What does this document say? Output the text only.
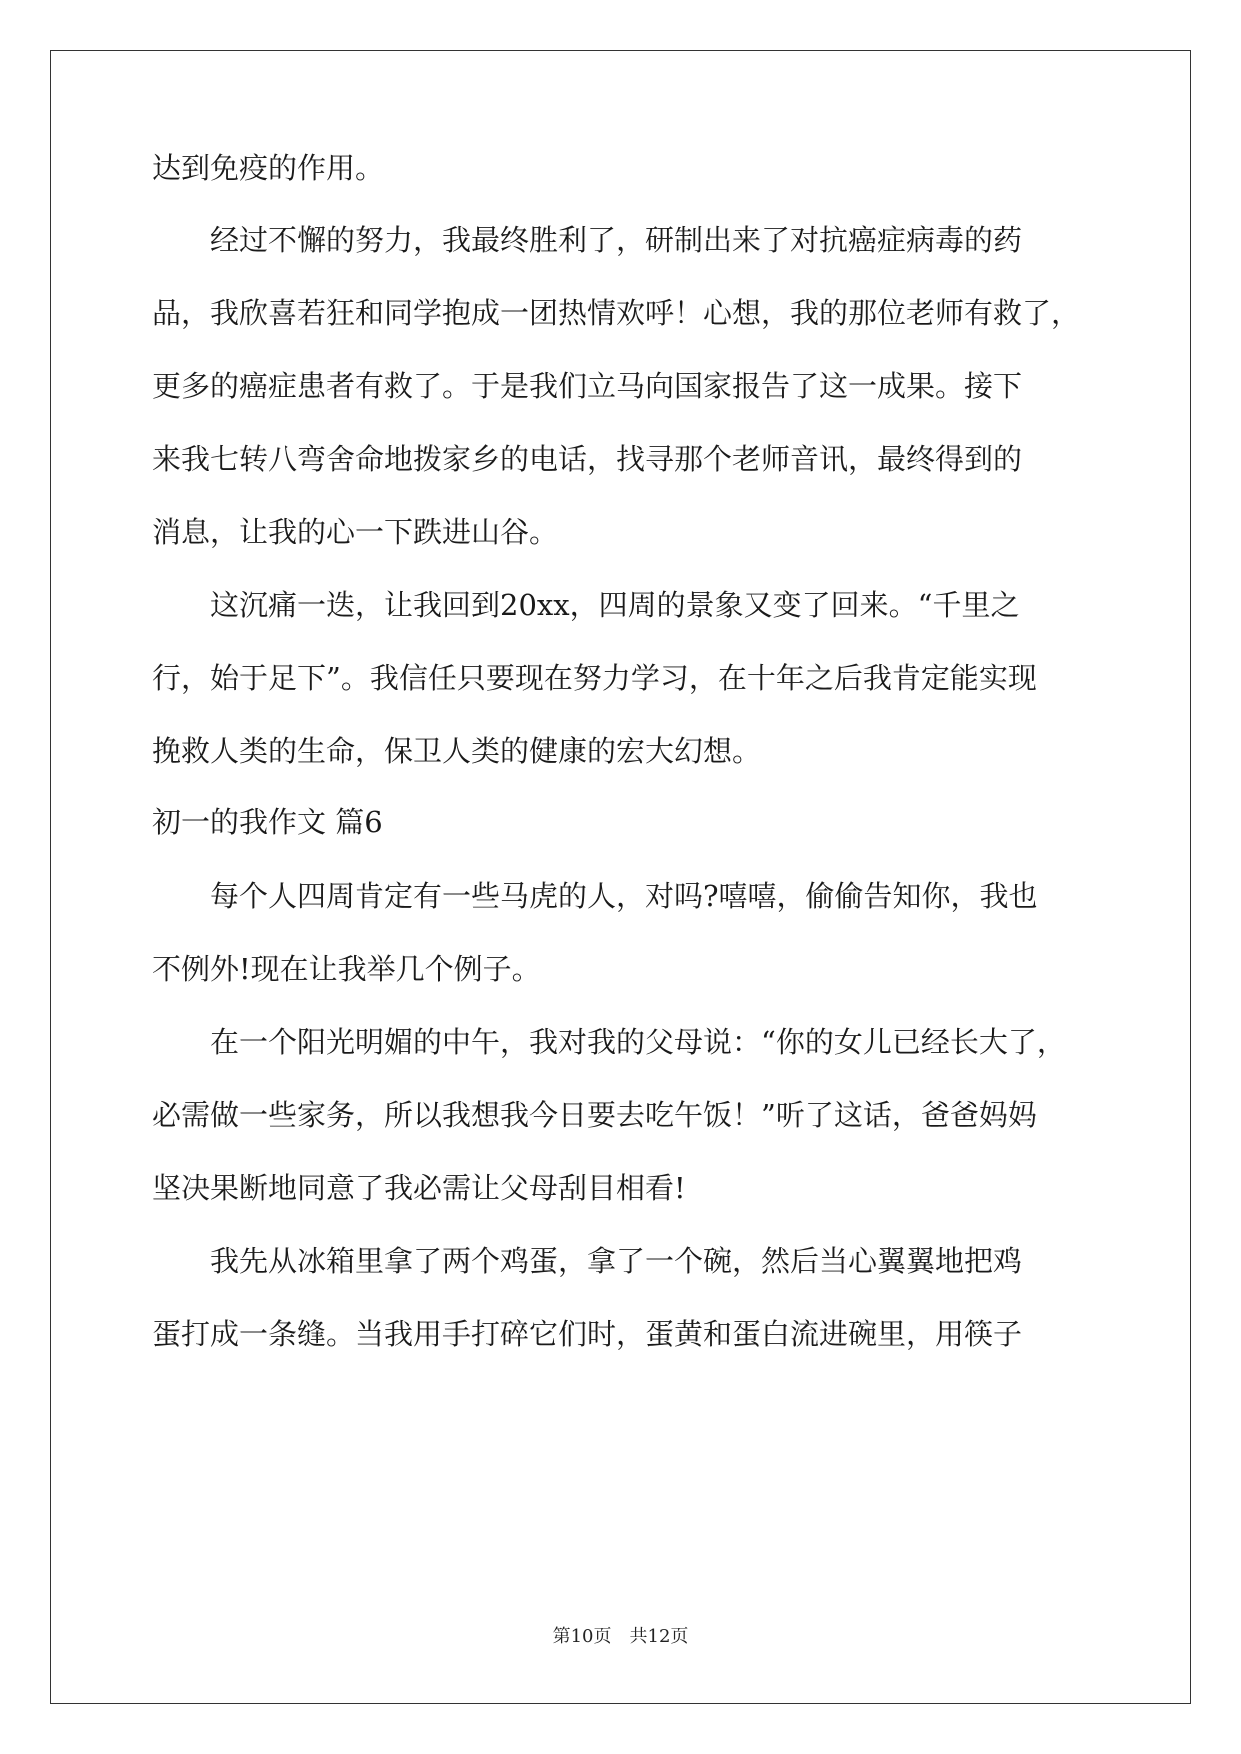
达到免疫的作用。
经过不懈的努力，我最终胜利了，研制出来了对抗癌症病毒的药
品，我欣喜若狂和同学抱成一团热情欢呼！心想，我的那位老师有救了，
更多的癌症患者有救了。于是我们立马向国家报告了这一成果。接下
来我七转八弯舍命地拨家乡的电话，找寻那个老师音讯，最终得到的
消息，让我的心一下跌进山谷。
这沉痛一迭，让我回到20xx，四周的景象又变了回来。“千里之
行，始于足下”。我信任只要现在努力学习，在十年之后我肯定能实现
挽救人类的生命，保卫人类的健康的宏大幻想。
初一的我作文 篇6
每个人四周肯定有一些马虎的人，对吗?嘻嘻，偷偷告知你，我也
不例外!现在让我举几个例子。
在一个阳光明媚的中午，我对我的父母说：“你的女儿已经长大了，
必需做一些家务，所以我想我今日要去吃午饭！”听了这话，爸爸妈妈
坚决果断地同意了我必需让父母刮目相看!
我先从冰箱里拿了两个鸡蛋，拿了一个碗，然后当心翼翼地把鸡
蛋打成一条缝。当我用手打碎它们时，蛋黄和蛋白流进碗里，用筷子
第10页　共12页
